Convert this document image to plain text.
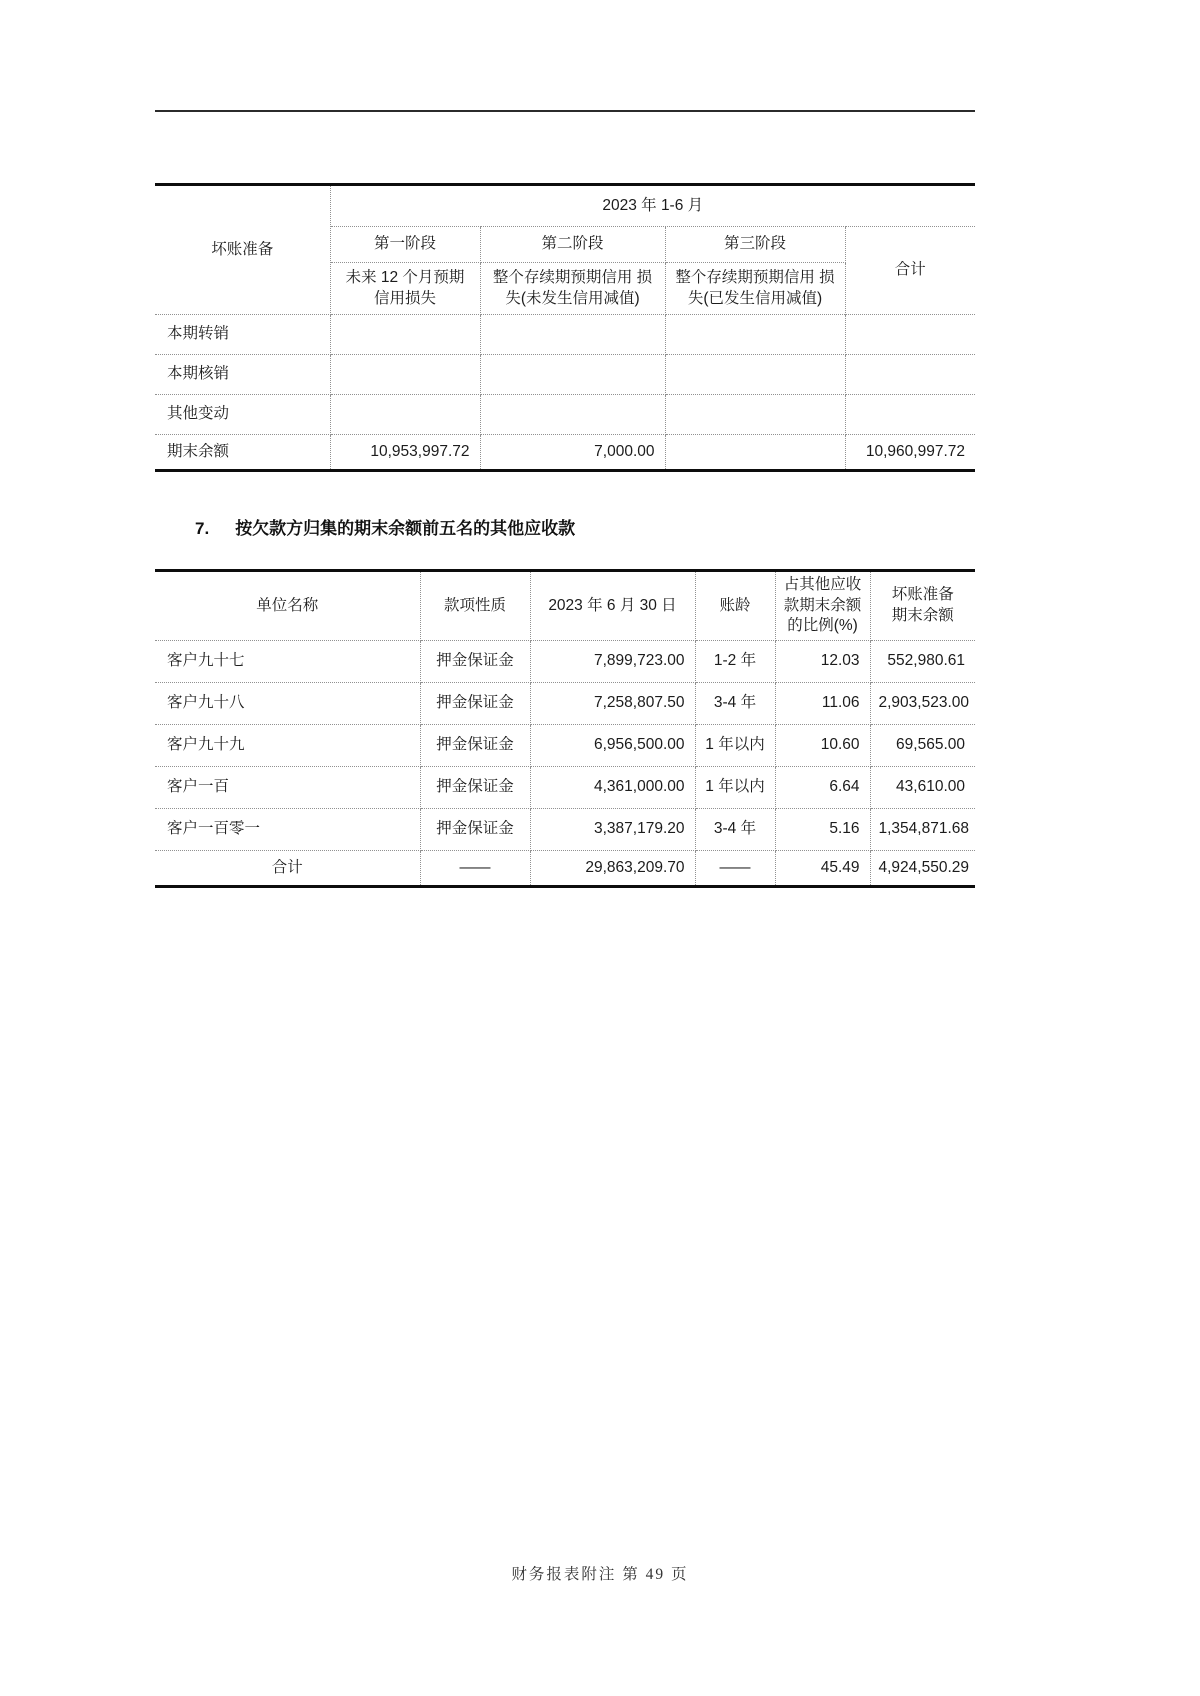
坏账准备	2023 年 1-6 月			
	第一阶段	第二阶段	第三阶段	合计
	未来 12 个月预期 信用损失	整个存续期预期信用 损失(未发生信用减值)	整个存续期预期信用 损失(已发生信用减值)	
本期转销				
本期核销				
其他变动				
期末余额	10,953,997.72	7,000.00		10,960,997.72
7. 按欠款方归集的期末余额前五名的其他应收款
单位名称	款项性质	2023 年 6 月 30 日	账龄	占其他应收款期末余额的比例(%)	坏账准备期末余额
客户九十七	押金保证金	7,899,723.00	1-2 年	12.03	552,980.61
客户九十八	押金保证金	7,258,807.50	3-4 年	11.06	2,903,523.00
客户九十九	押金保证金	6,956,500.00	1 年以内	10.60	69,565.00
客户一百	押金保证金	4,361,000.00	1 年以内	6.64	43,610.00
客户一百零一	押金保证金	3,387,179.20	3-4 年	5.16	1,354,871.68
合计	——	29,863,209.70	——	45.49	4,924,550.29
财务报表附注 第 49 页
